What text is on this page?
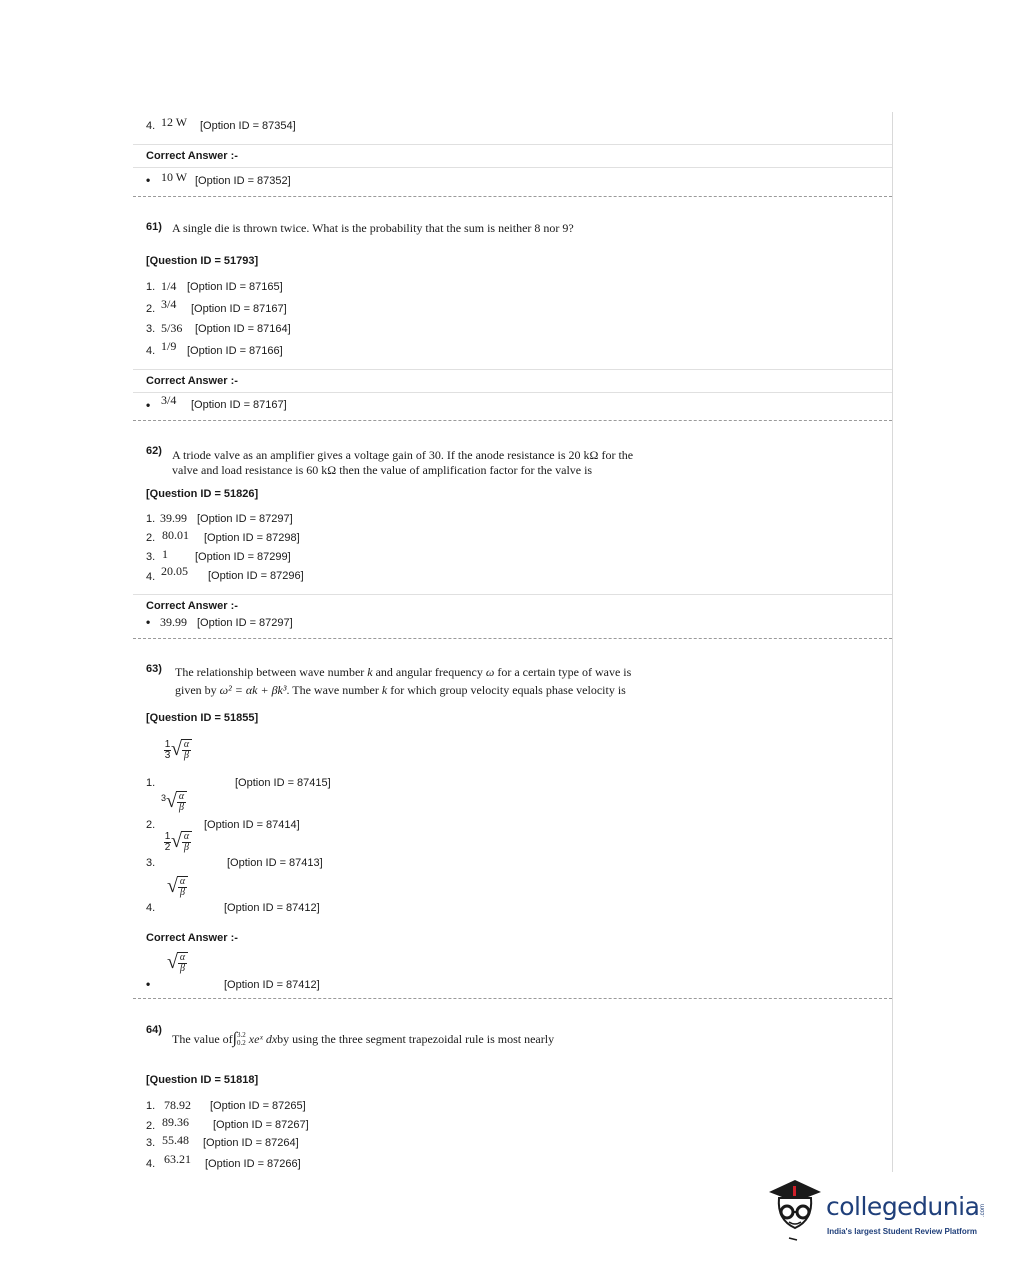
4. 12 W [Option ID = 87354]
Correct Answer :-
• 10 W [Option ID = 87352]
61) A single die is thrown twice. What is the probability that the sum is neither 8 nor 9?
[Question ID = 51793]
1. 1/4 [Option ID = 87165]
2. 3/4 [Option ID = 87167]
3. 5/36 [Option ID = 87164]
4. 1/9 [Option ID = 87166]
Correct Answer :-
• 3/4 [Option ID = 87167]
62) A triode valve as an amplifier gives a voltage gain of 30. If the anode resistance is 20 kΩ for the
valve and load resistance is 60 kΩ then the value of amplification factor for the valve is
[Question ID = 51826]
1. 39.99 [Option ID = 87297]
2. 80.01 [Option ID = 87298]
3. 1 [Option ID = 87299]
4. 20.05 [Option ID = 87296]
Correct Answer :-
• 39.99 [Option ID = 87297]
63) The relationship between wave number k and angular frequency ω for a certain type of wave is
given by ω² = αk + βk³. The wave number k for which group velocity equals phase velocity is
[Question ID = 51855]
$\frac{1}{3}$ √ α
β
1.	[Option ID = 87415]
3 √ α
β
2.	[Option ID = 87414]
$\frac{1}{2}$ √ α
β
3.	[Option ID = 87413]
√ α
β
4.	[Option ID = 87412]
Correct Answer :-
√ α
β
•	[Option ID = 87412]
64)
The value of ∫ 3.2
0.2 xeˣ dx by using the three segment trapezoidal rule is most nearly
[Question ID = 51818]
1. 78.92 [Option ID = 87265]
2. 89.36 [Option ID = 87267]
3. 55.48 [Option ID = 87264]
4. 63.21 [Option ID = 87266]
collegedunia .com
India's largest Student Review Platform
